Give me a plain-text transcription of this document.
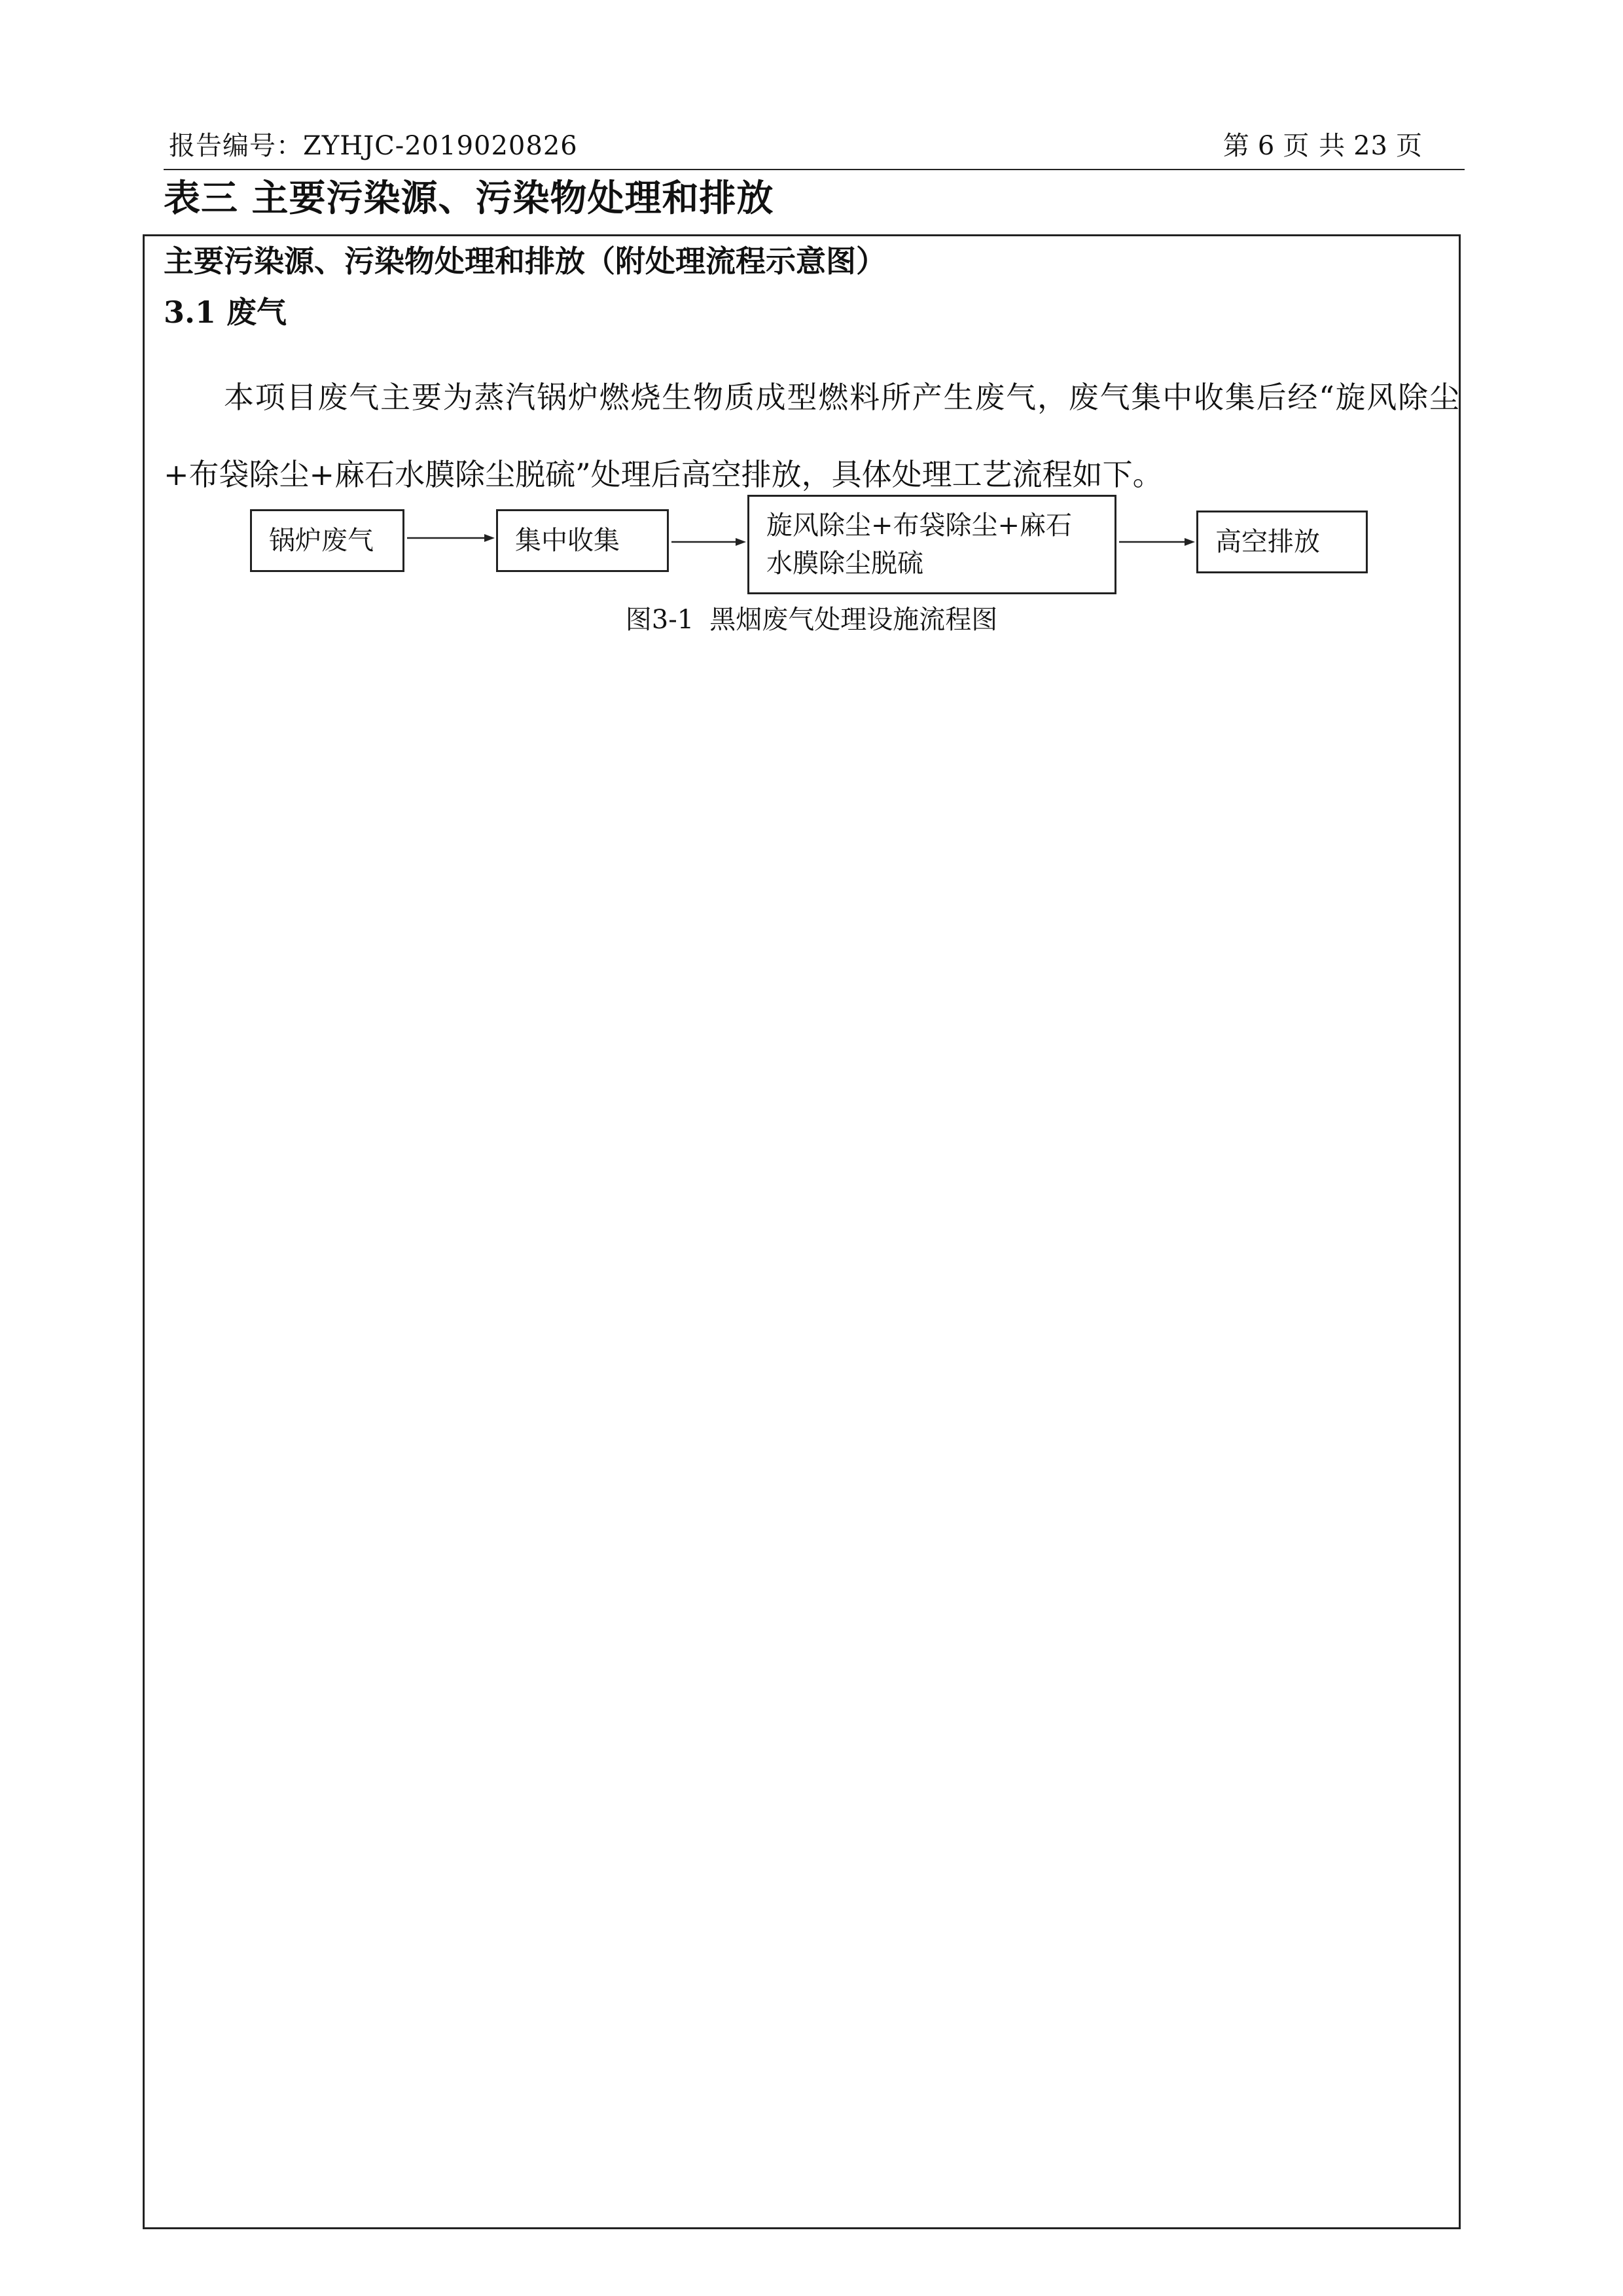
报告编号：ZYHJC-2019020826	第 6 页 共 23 页
表三 主要污染源、污染物处理和排放
主要污染源、污染物处理和排放（附处理流程示意图）
3.1 废气

本项目废气主要为蒸汽锅炉燃烧生物质成型燃料所产生废气，废气集中收集后经“旋风除尘+布袋除尘+麻石水膜除尘脱硫”处理后高空排放，具体处理工艺流程如下。

锅炉废气	集中收集	旋风除尘+布袋除尘+麻石水膜除尘脱硫
高空排放
图3-1 黑烟废气处理设施流程图
